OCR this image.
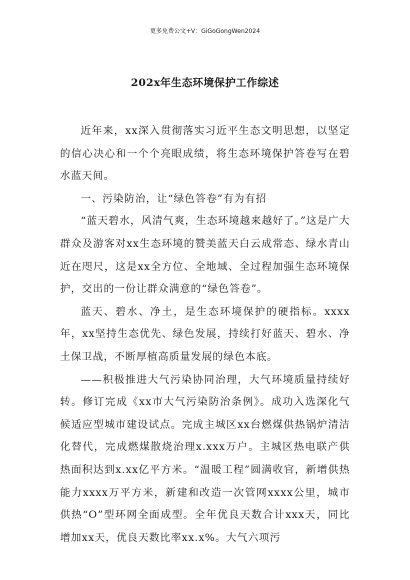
更多免费公文+V：GiGoGongWen2024
202x年生态环境保护工作综述

近年来，xx深入贯彻落实习近平生态文明思想，以坚定的信心决心和一个个亮眼成绩，将生态环境保护答卷写在碧水蓝天间。

一、污染防治，让“绿色答卷”有为有招

“蓝天碧水，风清气爽，生态环境越来越好了。”这是广大群众及游客对xx生态环境的赞美蓝天白云成常态、绿水青山近在咫尺，这是xx全方位、全地域、全过程加强生态环境保护，交出的一份让群众满意的“绿色答卷”。

蓝天、碧水、净土，是生态环境保护的硬指标。xxxx年，xx坚持生态优先、绿色发展，持续打好蓝天、碧水、净土保卫战，不断厚植高质量发展的绿色本底。

——积极推进大气污染协同治理，大气环境质量持续好转。修订完成《xx市大气污染防治条例》。成功入选深化气候适应型城市建设试点。完成主城区xx台燃煤供热锅炉清洁化替代，完成燃煤散烧治理x.xxx万户。主城区热电联产供热面积达到x.xx亿平方米。“温暖工程”圆满收官，新增供热能力xxxx万平方米，新建和改造一次管网xxxx公里，城市供热“O”型环网全面成型。全年优良天数合计xxx天，同比增加xx天，优良天数比率xx.x%。大气六项污
